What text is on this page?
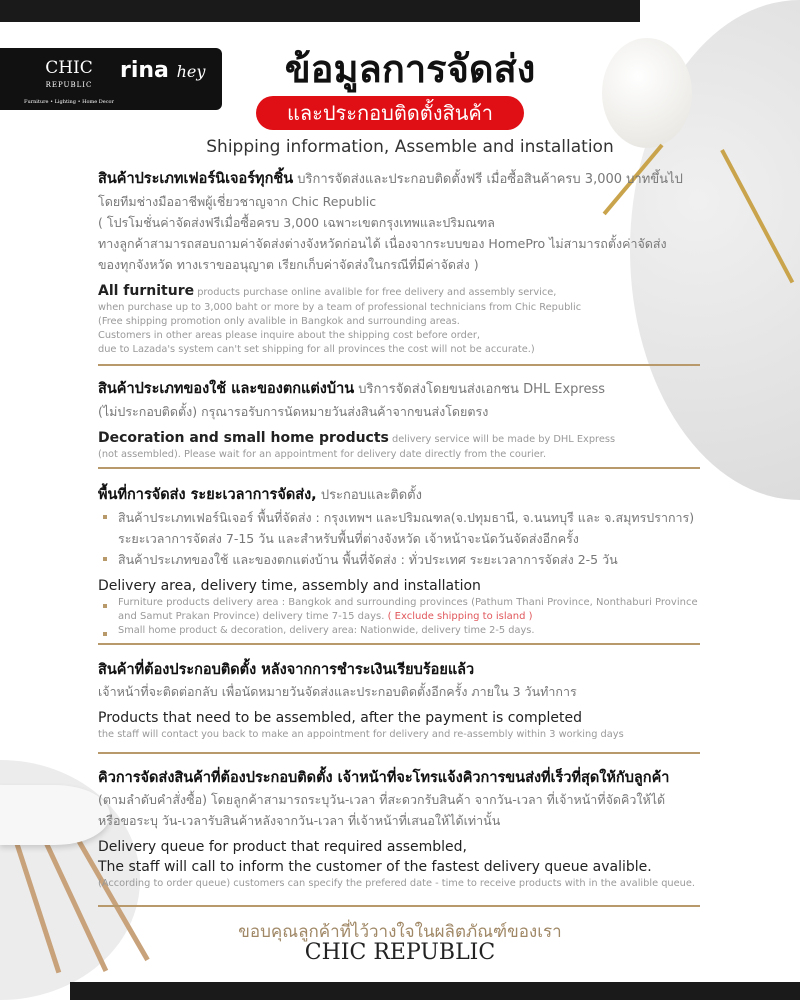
CHIC
REPUBLIC
Furniture • Lighting • Home Decor
rina hey	ข้อมูลการจัดส่ง
และประกอบติดตั้งสินค้า
Shipping information, Assemble and installation
สินค้าประเภทเฟอร์นิเจอร์ทุกชิ้น บริการจัดส่งและประกอบติดตั้งฟรี เมื่อซื้อสินค้าครบ 3,000 บาทขึ้นไป
โดยทีมช่างมืออาชีพผู้เชี่ยวชาญจาก Chic Republic
( โปรโมชั่นค่าจัดส่งฟรีเมื่อซื้อครบ 3,000 เฉพาะเขตกรุงเทพและปริมณฑล
ทางลูกค้าสามารถสอบถามค่าจัดส่งต่างจังหวัดก่อนได้ เนื่องจากระบบของ HomePro ไม่สามารถตั้งค่าจัดส่ง
ของทุกจังหวัด ทางเราขออนุญาต เรียกเก็บค่าจัดส่งในกรณีที่มีค่าจัดส่ง )
All furniture products purchase online avalible for free delivery and assembly service,
when purchase up to 3,000 baht or more by a team of professional technicians from Chic Republic
(Free shipping promotion only avalible in Bangkok and surrounding areas.
Customers in other areas please inquire about the shipping cost before order,
due to Lazada's system can't set shipping for all provinces the cost will not be accurate.)
สินค้าประเภทของใช้ และของตกแต่งบ้าน บริการจัดส่งโดยขนส่งเอกชน DHL Express
(ไม่ประกอบติดตั้ง) กรุณารอรับการนัดหมายวันส่งสินค้าจากขนส่งโดยตรง
Decoration and small home products delivery service will be made by DHL Express
(not assembled). Please wait for an appointment for delivery date directly from the courier.
พื้นที่การจัดส่ง ระยะเวลาการจัดส่ง, ประกอบและติดตั้ง
สินค้าประเภทเฟอร์นิเจอร์ พื้นที่จัดส่ง : กรุงเทพฯ และปริมณฑล(จ.ปทุมธานี, จ.นนทบุรี และ จ.สมุทรปราการ) ระยะเวลาการจัดส่ง 7-15 วัน และสำหรับพื้นที่ต่างจังหวัด เจ้าหน้าจะนัดวันจัดส่งอีกครั้ง
สินค้าประเภทของใช้ และของตกแต่งบ้าน พื้นที่จัดส่ง : ทั่วประเทศ ระยะเวลาการจัดส่ง 2-5 วัน
Delivery area, delivery time, assembly and installation
Furniture products delivery area : Bangkok and surrounding provinces (Pathum Thani Province, Nonthaburi Province and Samut Prakan Province) delivery time 7-15 days. ( Exclude shipping to island )
Small home product & decoration, delivery area: Nationwide, delivery time 2-5 days.
สินค้าที่ต้องประกอบติดตั้ง หลังจากการชำระเงินเรียบร้อยแล้ว
เจ้าหน้าที่จะติดต่อกลับ เพื่อนัดหมายวันจัดส่งและประกอบติดตั้งอีกครั้ง ภายใน 3 วันทำการ
Products that need to be assembled, after the payment is completed
the staff will contact you back to make an appointment for delivery and re-assembly within 3 working days
คิวการจัดส่งสินค้าที่ต้องประกอบติดตั้ง เจ้าหน้าที่จะโทรแจ้งคิวการขนส่งที่เร็วที่สุดให้กับลูกค้า
(ตามลำดับคำสั่งซื้อ) โดยลูกค้าสามารถระบุวัน-เวลา ที่สะดวกรับสินค้า จากวัน-เวลา ที่เจ้าหน้าที่จัดคิวให้ได้
หรือขอระบุ วัน-เวลารับสินค้าหลังจากวัน-เวลา ที่เจ้าหน้าที่เสนอให้ได้เท่านั้น
Delivery queue for product that required assembled,
The staff will call to inform the customer of the fastest delivery queue avalible.
(According to order queue) customers can specify the prefered date - time to receive products with in the avalible queue.
ขอบคุณลูกค้าที่ไว้วางใจในผลิตภัณฑ์ของเรา
CHIC REPUBLIC
